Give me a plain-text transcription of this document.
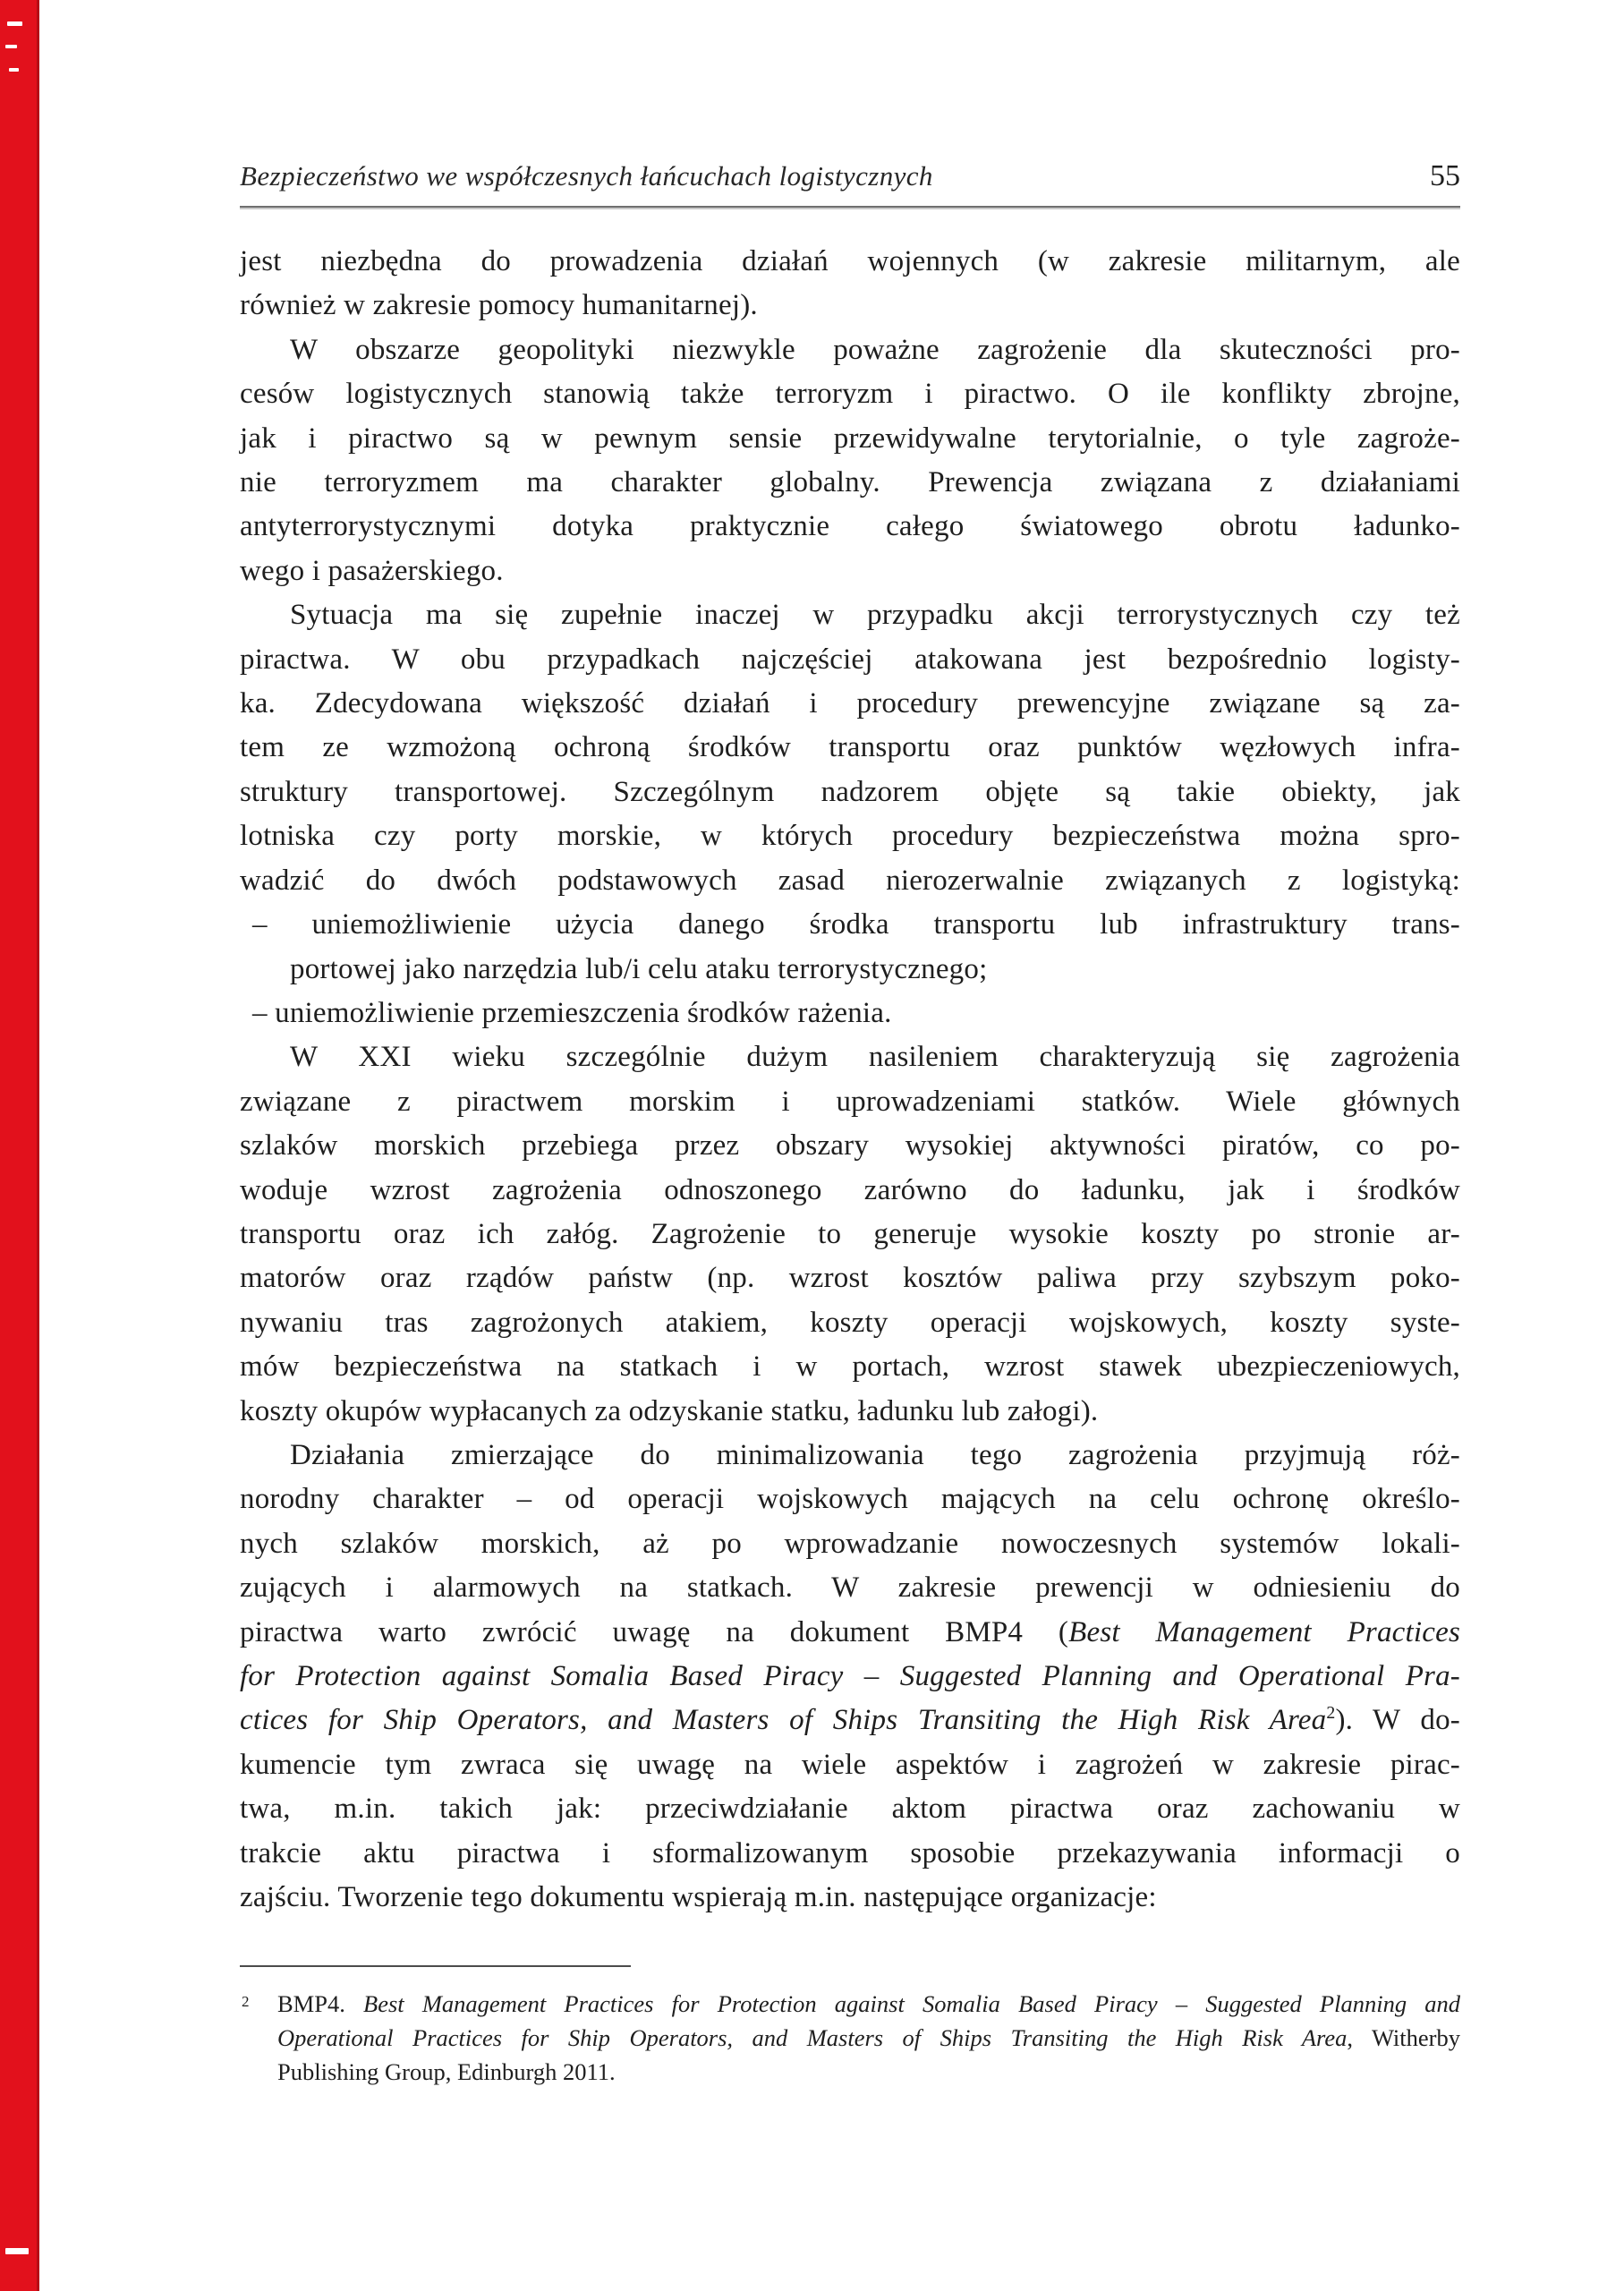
Bezpieczeństwo we współczesnych łańcuchach logistycznych	55
jest niezbędna do prowadzenia działań wojennych (w zakresie militarnym, ale
również w zakresie pomocy humanitarnej).
W obszarze geopolityki niezwykle poważne zagrożenie dla skuteczności pro-
cesów logistycznych stanowią także terroryzm i piractwo. O ile konflikty zbrojne,
jak i piractwo są w pewnym sensie przewidywalne terytorialnie, o tyle zagroże-
nie terroryzmem ma charakter globalny. Prewencja związana z działaniami
antyterrorystycznymi dotyka praktycznie całego światowego obrotu ładunko-
wego i pasażerskiego.
Sytuacja ma się zupełnie inaczej w przypadku akcji terrorystycznych czy też
piractwa. W obu przypadkach najczęściej atakowana jest bezpośrednio logisty-
ka. Zdecydowana większość działań i procedury prewencyjne związane są za-
tem ze wzmożoną ochroną środków transportu oraz punktów węzłowych infra-
struktury transportowej. Szczególnym nadzorem objęte są takie obiekty, jak
lotniska czy porty morskie, w których procedury bezpieczeństwa można spro-
wadzić do dwóch podstawowych zasad nierozerwalnie związanych z logistyką:
– uniemożliwienie użycia danego środka transportu lub infrastruktury trans-
portowej jako narzędzia lub/i celu ataku terrorystycznego;
– uniemożliwienie przemieszczenia środków rażenia.
W XXI wieku szczególnie dużym nasileniem charakteryzują się zagrożenia
związane z piractwem morskim i uprowadzeniami statków. Wiele głównych
szlaków morskich przebiega przez obszary wysokiej aktywności piratów, co po-
woduje wzrost zagrożenia odnoszonego zarówno do ładunku, jak i środków
transportu oraz ich załóg. Zagrożenie to generuje wysokie koszty po stronie ar-
matorów oraz rządów państw (np. wzrost kosztów paliwa przy szybszym poko-
nywaniu tras zagrożonych atakiem, koszty operacji wojskowych, koszty syste-
mów bezpieczeństwa na statkach i w portach, wzrost stawek ubezpieczeniowych,
koszty okupów wypłacanych za odzyskanie statku, ładunku lub załogi).
Działania zmierzające do minimalizowania tego zagrożenia przyjmują róż-
norodny charakter – od operacji wojskowych mających na celu ochronę określo-
nych szlaków morskich, aż po wprowadzanie nowoczesnych systemów lokali-
zujących i alarmowych na statkach. W zakresie prewencji w odniesieniu do
piractwa warto zwrócić uwagę na dokument BMP4 (Best Management Practices
for Protection against Somalia Based Piracy – Suggested Planning and Operational Pra-
ctices for Ship Operators, and Masters of Ships Transiting the High Risk Area$^2$). W do-
kumencie tym zwraca się uwagę na wiele aspektów i zagrożeń w zakresie pirac-
twa, m.in. takich jak: przeciwdziałanie aktom piractwa oraz zachowaniu w
trakcie aktu piractwa i sformalizowanym sposobie przekazywania informacji o
zajściu. Tworzenie tego dokumentu wspierają m.in. następujące organizacje:
2	BMP4. Best Management Practices for Protection against Somalia Based Piracy – Suggested Planning and
Operational Practices for Ship Operators, and Masters of Ships Transiting the High Risk Area, Witherby
Publishing Group, Edinburgh 2011.
